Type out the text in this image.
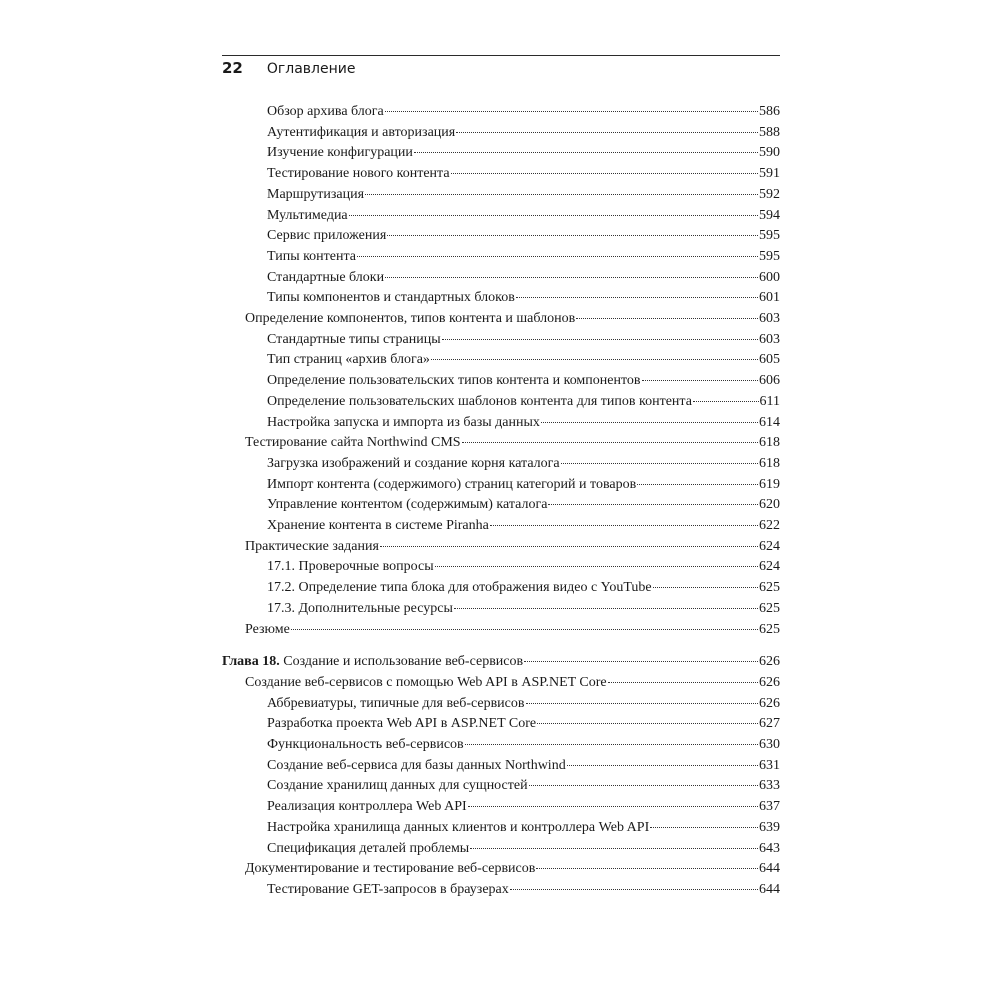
22 Оглавление
Обзор архива блога	586
Аутентификация и авторизация	588
Изучение конфигурации	590
Тестирование нового контента	591
Маршрутизация	592
Мультимедиа	594
Сервис приложения	595
Типы контента	595
Стандартные блоки	600
Типы компонентов и стандартных блоков	601
Определение компонентов, типов контента и шаблонов	603
Стандартные типы страницы	603
Тип страниц «архив блога»	605
Определение пользовательских типов контента и компонентов	606
Определение пользовательских шаблонов контента для типов контента	611
Настройка запуска и импорта из базы данных	614
Тестирование сайта Northwind CMS	618
Загрузка изображений и создание корня каталога	618
Импорт контента (содержимого) страниц категорий и товаров	619
Управление контентом (содержимым) каталога	620
Хранение контента в системе Piranha	622
Практические задания	624
17.1. Проверочные вопросы	624
17.2. Определение типа блока для отображения видео с YouTube	625
17.3. Дополнительные ресурсы	625
Резюме	625
Глава 18. Создание и использование веб-сервисов	626
Создание веб-сервисов с помощью Web API в ASP.NET Core	626
Аббревиатуры, типичные для веб-сервисов	626
Разработка проекта Web API в ASP.NET Core	627
Функциональность веб-сервисов	630
Создание веб-сервиса для базы данных Northwind	631
Создание хранилищ данных для сущностей	633
Реализация контроллера Web API	637
Настройка хранилища данных клиентов и контроллера Web API	639
Спецификация деталей проблемы	643
Документирование и тестирование веб-сервисов	644
Тестирование GET-запросов в браузерах	644
